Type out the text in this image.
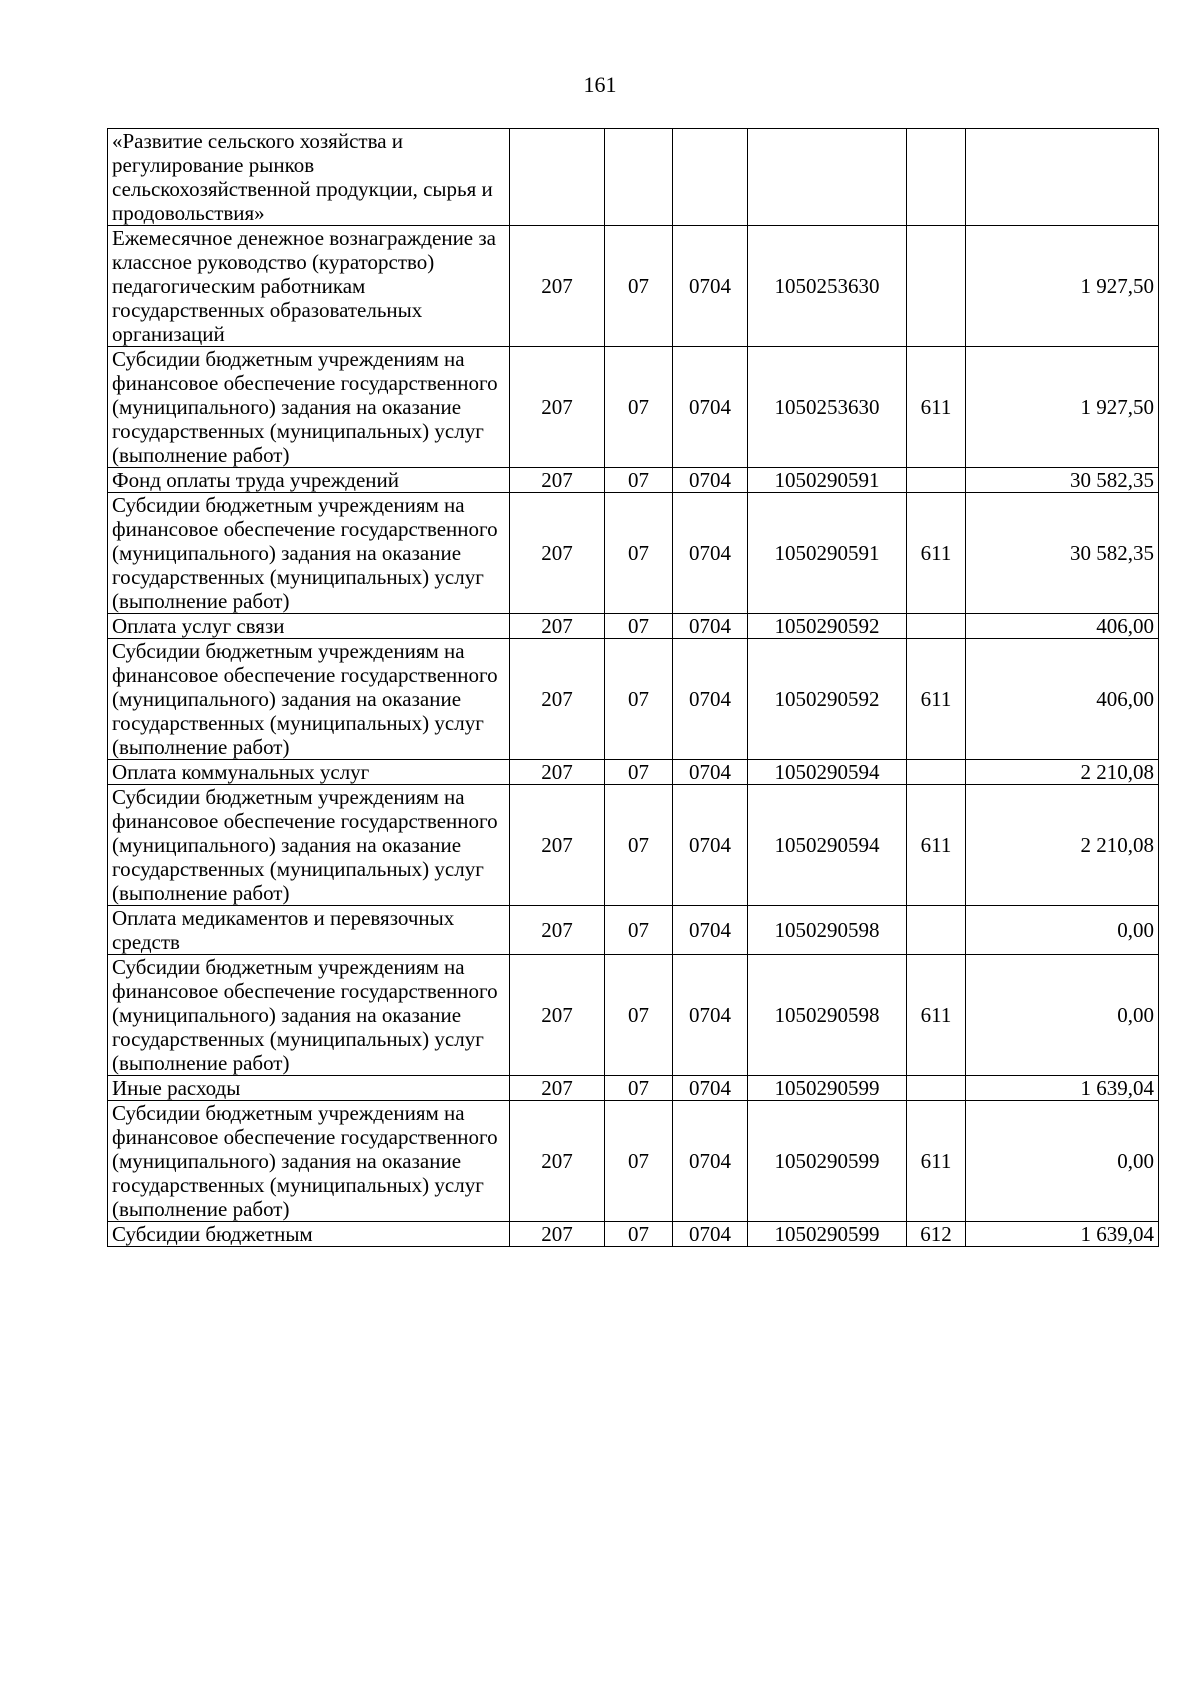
161
«Развитие сельского хозяйства и регулирование рынков сельскохозяйственной продукции, сырья и продовольствия»						
Ежемесячное денежное вознаграждение за классное руководство (кураторство) педагогическим работникам государственных образовательных организаций	207	07	0704	1050253630		1 927,50
Субсидии бюджетным учреждениям на финансовое обеспечение государственного (муниципального) задания на оказание государственных (муниципальных) услуг (выполнение работ)	207	07	0704	1050253630	611	1 927,50
Фонд оплаты труда учреждений	207	07	0704	1050290591		30 582,35
Субсидии бюджетным учреждениям на финансовое обеспечение государственного (муниципального) задания на оказание государственных (муниципальных) услуг (выполнение работ)	207	07	0704	1050290591	611	30 582,35
Оплата услуг связи	207	07	0704	1050290592		406,00
Субсидии бюджетным учреждениям на финансовое обеспечение государственного (муниципального) задания на оказание государственных (муниципальных) услуг (выполнение работ)	207	07	0704	1050290592	611	406,00
Оплата коммунальных услуг	207	07	0704	1050290594		2 210,08
Субсидии бюджетным учреждениям на финансовое обеспечение государственного (муниципального) задания на оказание государственных (муниципальных) услуг (выполнение работ)	207	07	0704	1050290594	611	2 210,08
Оплата медикаментов и перевязочных средств	207	07	0704	1050290598		0,00
Субсидии бюджетным учреждениям на финансовое обеспечение государственного (муниципального) задания на оказание государственных (муниципальных) услуг (выполнение работ)	207	07	0704	1050290598	611	0,00
Иные расходы	207	07	0704	1050290599		1 639,04
Субсидии бюджетным учреждениям на финансовое обеспечение государственного (муниципального) задания на оказание государственных (муниципальных) услуг (выполнение работ)	207	07	0704	1050290599	611	0,00
Субсидии бюджетным	207	07	0704	1050290599	612	1 639,04
